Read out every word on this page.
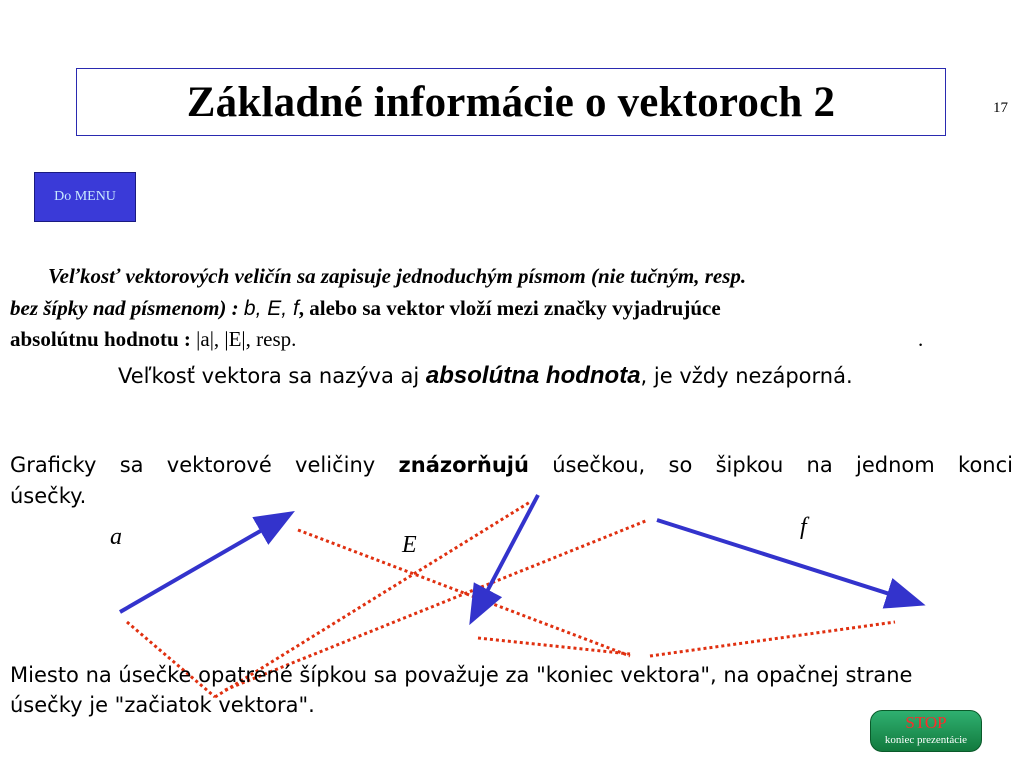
Základné informácie o vektoroch 2	17
Do MENU
Veľkosť vektorových veličín sa zapisuje jednoduchým písmom (nie tučným, resp.
bez šípky nad písmenom) : b, E, f, alebo sa vektor vloží mezi značky vyjadrujúce
absolútnu hodnotu : |a|, |E|, resp.	.
Veľkosť vektora sa nazýva aj absolútna hodnota, je vždy nezáporná.
Graficky sa vektorové veličiny znázorňujú úsečkou, so šipkou na jednom konci
úsečky.
a	E
f
Miesto na úsečke opatrené šípkou sa považuje za "koniec vektora", na opačnej strane
úsečky je "začiatok vektora".
STOP
koniec prezentácie
